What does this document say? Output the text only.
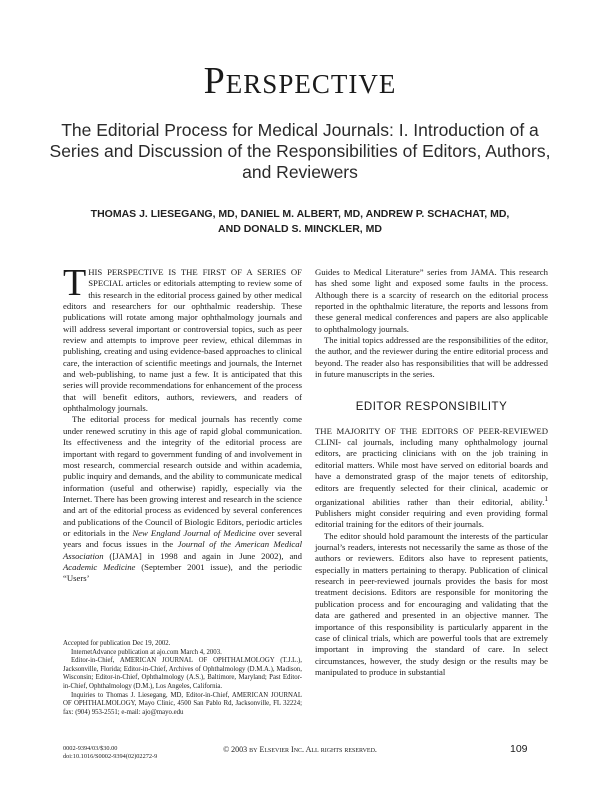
Perspective
The Editorial Process for Medical Journals: I. Introduction of a Series and Discussion of the Responsibilities of Editors, Authors, and Reviewers
THOMAS J. LIESEGANG, MD, DANIEL M. ALBERT, MD, ANDREW P. SCHACHAT, MD,
AND DONALD S. MINCKLER, MD

THIS PERSPECTIVE IS THE FIRST OF A SERIES OF SPECIAL articles or editorials attempting to review some of this research in the editorial process gained by other medical editors and researchers for our ophthalmic readership. These publications will rotate among major ophthalmology journals and will address several important or controversial topics, such as peer review and attempts to improve peer review, ethical dilemmas in publishing, creating and using evidence-based approaches to clinical care, the interaction of scientific meetings and journals, the Internet and web-publishing, to name just a few. It is anticipated that this series will provide recommendations for enhancement of the process that will benefit editors, authors, reviewers, and readers of ophthalmology journals.

The editorial process for medical journals has recently come under renewed scrutiny in this age of rapid global communication. Its effectiveness and the integrity of the editorial process are important with regard to government funding of and involvement in most research, commercial research outside and within academia, public inquiry and demands, and the ability to communicate medical information (useful and otherwise) rapidly, especially via the Internet. There has been growing interest and research in the science and art of the editorial process as evidenced by several conferences and publications of the Council of Biologic Editors, periodic articles or editorials in the New England Journal of Medicine over several years and focus issues in the Journal of the American Medical Association ([JAMA] in 1998 and again in June 2002), and Academic Medicine (September 2001 issue), and the periodic “Users’

Accepted for publication Dec 19, 2002.

InternetAdvance publication at ajo.com March 4, 2003.

Editor-in-Chief, AMERICAN JOURNAL OF OPHTHALMOLOGY (T.J.L.), Jacksonville, Florida; Editor-in-Chief, Archives of Ophthalmology (D.M.A.), Madison, Wisconsin; Editor-in-Chief, Ophthalmology (A.S.), Baltimore, Maryland; Past Editor-in-Chief, Ophthalmology (D.M.), Los Angeles, California.

Inquiries to Thomas J. Liesegang, MD, Editor-in-Chief, AMERICAN JOURNAL OF OPHTHALMOLOGY, Mayo Clinic, 4500 San Pablo Rd, Jacksonville, FL 32224; fax: (904) 953-2551; e-mail: ajo@mayo.edu

Guides to Medical Literature” series from JAMA. This research has shed some light and exposed some faults in the process. Although there is a scarcity of research on the editorial process reported in the ophthalmic literature, the reports and lessons from these general medical conferences and papers are also applicable to ophthalmology journals.

The initial topics addressed are the responsibilities of the editor, the author, and the reviewer during the entire editorial process and beyond. The reader also has responsibilities that will be addressed in future manuscripts in the series.

EDITOR RESPONSIBILITY

THE MAJORITY OF THE EDITORS OF PEER-REVIEWED CLINI- cal journals, including many ophthalmology journal editors, are practicing clinicians with on the job training in editorial matters. While most have served on editorial boards and have a demonstrated grasp of the major tenets of editorship, editors are frequently selected for their clinical, academic or organizational abilities rather than their editorial, ability.$^1$ Publishers might consider requiring and even providing formal editorial training for the editors of their journals.

The editor should hold paramount the interests of the particular journal’s readers, interests not necessarily the same as those of the authors or reviewers. Editors also have to represent patients, especially in matters pertaining to therapy. Publication of clinical research in peer-reviewed journals provides the basis for most treatment decisions. Editors are responsible for monitoring the publication process and for encouraging and validating that the data are gathered and presented in an objective manner. The importance of this responsibility is particularly apparent in the case of clinical trials, which are powerful tools that are extremely important in improving the standard of care. In select circumstances, however, the study design or the results may be manipulated to produce in substantial

0002-9394/03/$30.00
doi:10.1016/S0002-9394(02)02272-9
© 2003 by Elsevier Inc. All rights reserved.	109
